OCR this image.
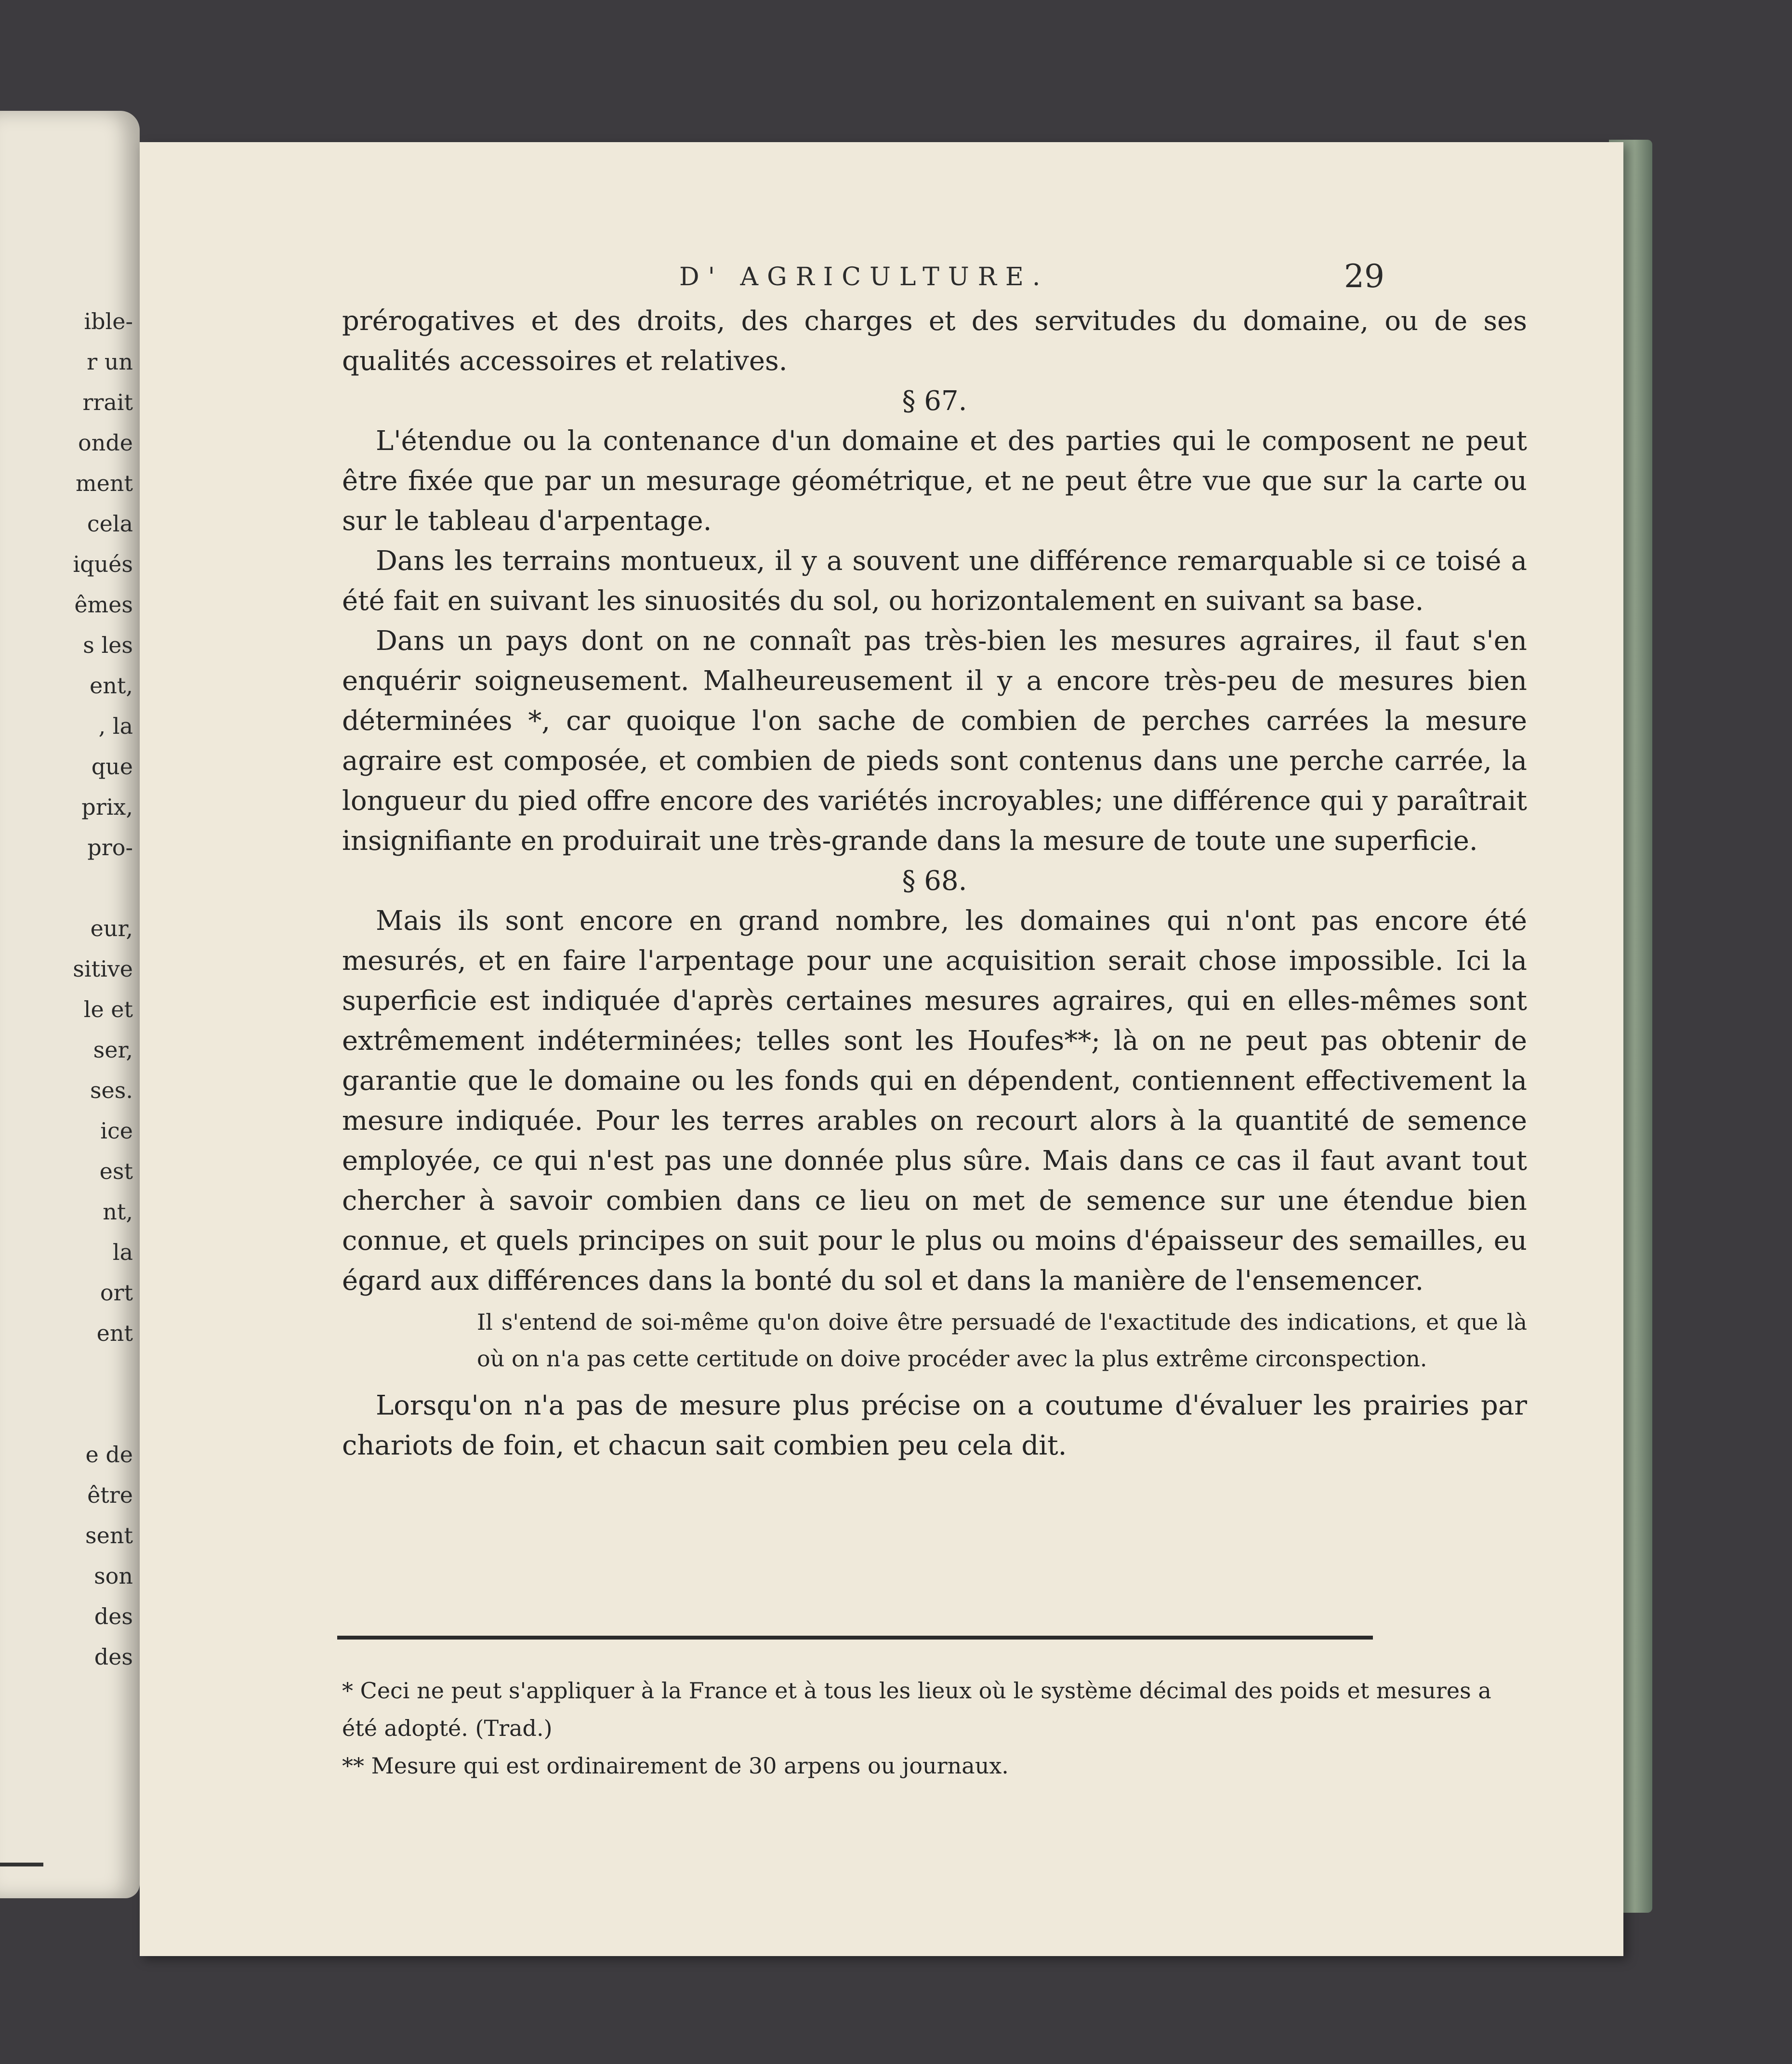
ible-
r un
rrait
onde
ment
cela
iqués
êmes
s les
ent,
, la
que
prix,
pro-

eur,
sitive
le et
ser,
ses.
ice
est
nt,
la
ort
ent

e de
être
sent
son
des
des
D' AGRICULTURE.	29

prérogatives et des droits, des charges et des servitudes du domaine, ou de ses qualités accessoires et relatives.

§ 67.

L'étendue ou la contenance d'un domaine et des parties qui le composent ne peut être fixée que par un mesurage géométrique, et ne peut être vue que sur la carte ou sur le tableau d'arpentage.

Dans les terrains montueux, il y a souvent une différence remarquable si ce toisé a été fait en suivant les sinuosités du sol, ou horizontalement en suivant sa base.

Dans un pays dont on ne connaît pas très-bien les mesures agraires, il faut s'en enquérir soigneusement. Malheureusement il y a encore très-peu de mesures bien déterminées *, car quoique l'on sache de combien de perches carrées la mesure agraire est composée, et combien de pieds sont contenus dans une perche carrée, la longueur du pied offre encore des variétés incroyables; une différence qui y paraîtrait insignifiante en produirait une très-grande dans la mesure de toute une superficie.

§ 68.

Mais ils sont encore en grand nombre, les domaines qui n'ont pas encore été mesurés, et en faire l'arpentage pour une acquisition serait chose impossible. Ici la superficie est indiquée d'après certaines mesures agraires, qui en elles-mêmes sont extrêmement indéterminées; telles sont les Houfes**; là on ne peut pas obtenir de garantie que le domaine ou les fonds qui en dépendent, contiennent effectivement la mesure indiquée. Pour les terres arables on recourt alors à la quantité de semence employée, ce qui n'est pas une donnée plus sûre. Mais dans ce cas il faut avant tout chercher à savoir combien dans ce lieu on met de semence sur une étendue bien connue, et quels principes on suit pour le plus ou moins d'épaisseur des semailles, eu égard aux différences dans la bonté du sol et dans la manière de l'ensemencer.

Il s'entend de soi-même qu'on doive être persuadé de l'exactitude des indications, et que là où on n'a pas cette certitude on doive procéder avec la plus extrême circonspection.

Lorsqu'on n'a pas de mesure plus précise on a coutume d'évaluer les prairies par chariots de foin, et chacun sait combien peu cela dit.

* Ceci ne peut s'appliquer à la France et à tous les lieux où le système décimal des poids et mesures a été adopté. (Trad.)

** Mesure qui est ordinairement de 30 arpens ou journaux.
